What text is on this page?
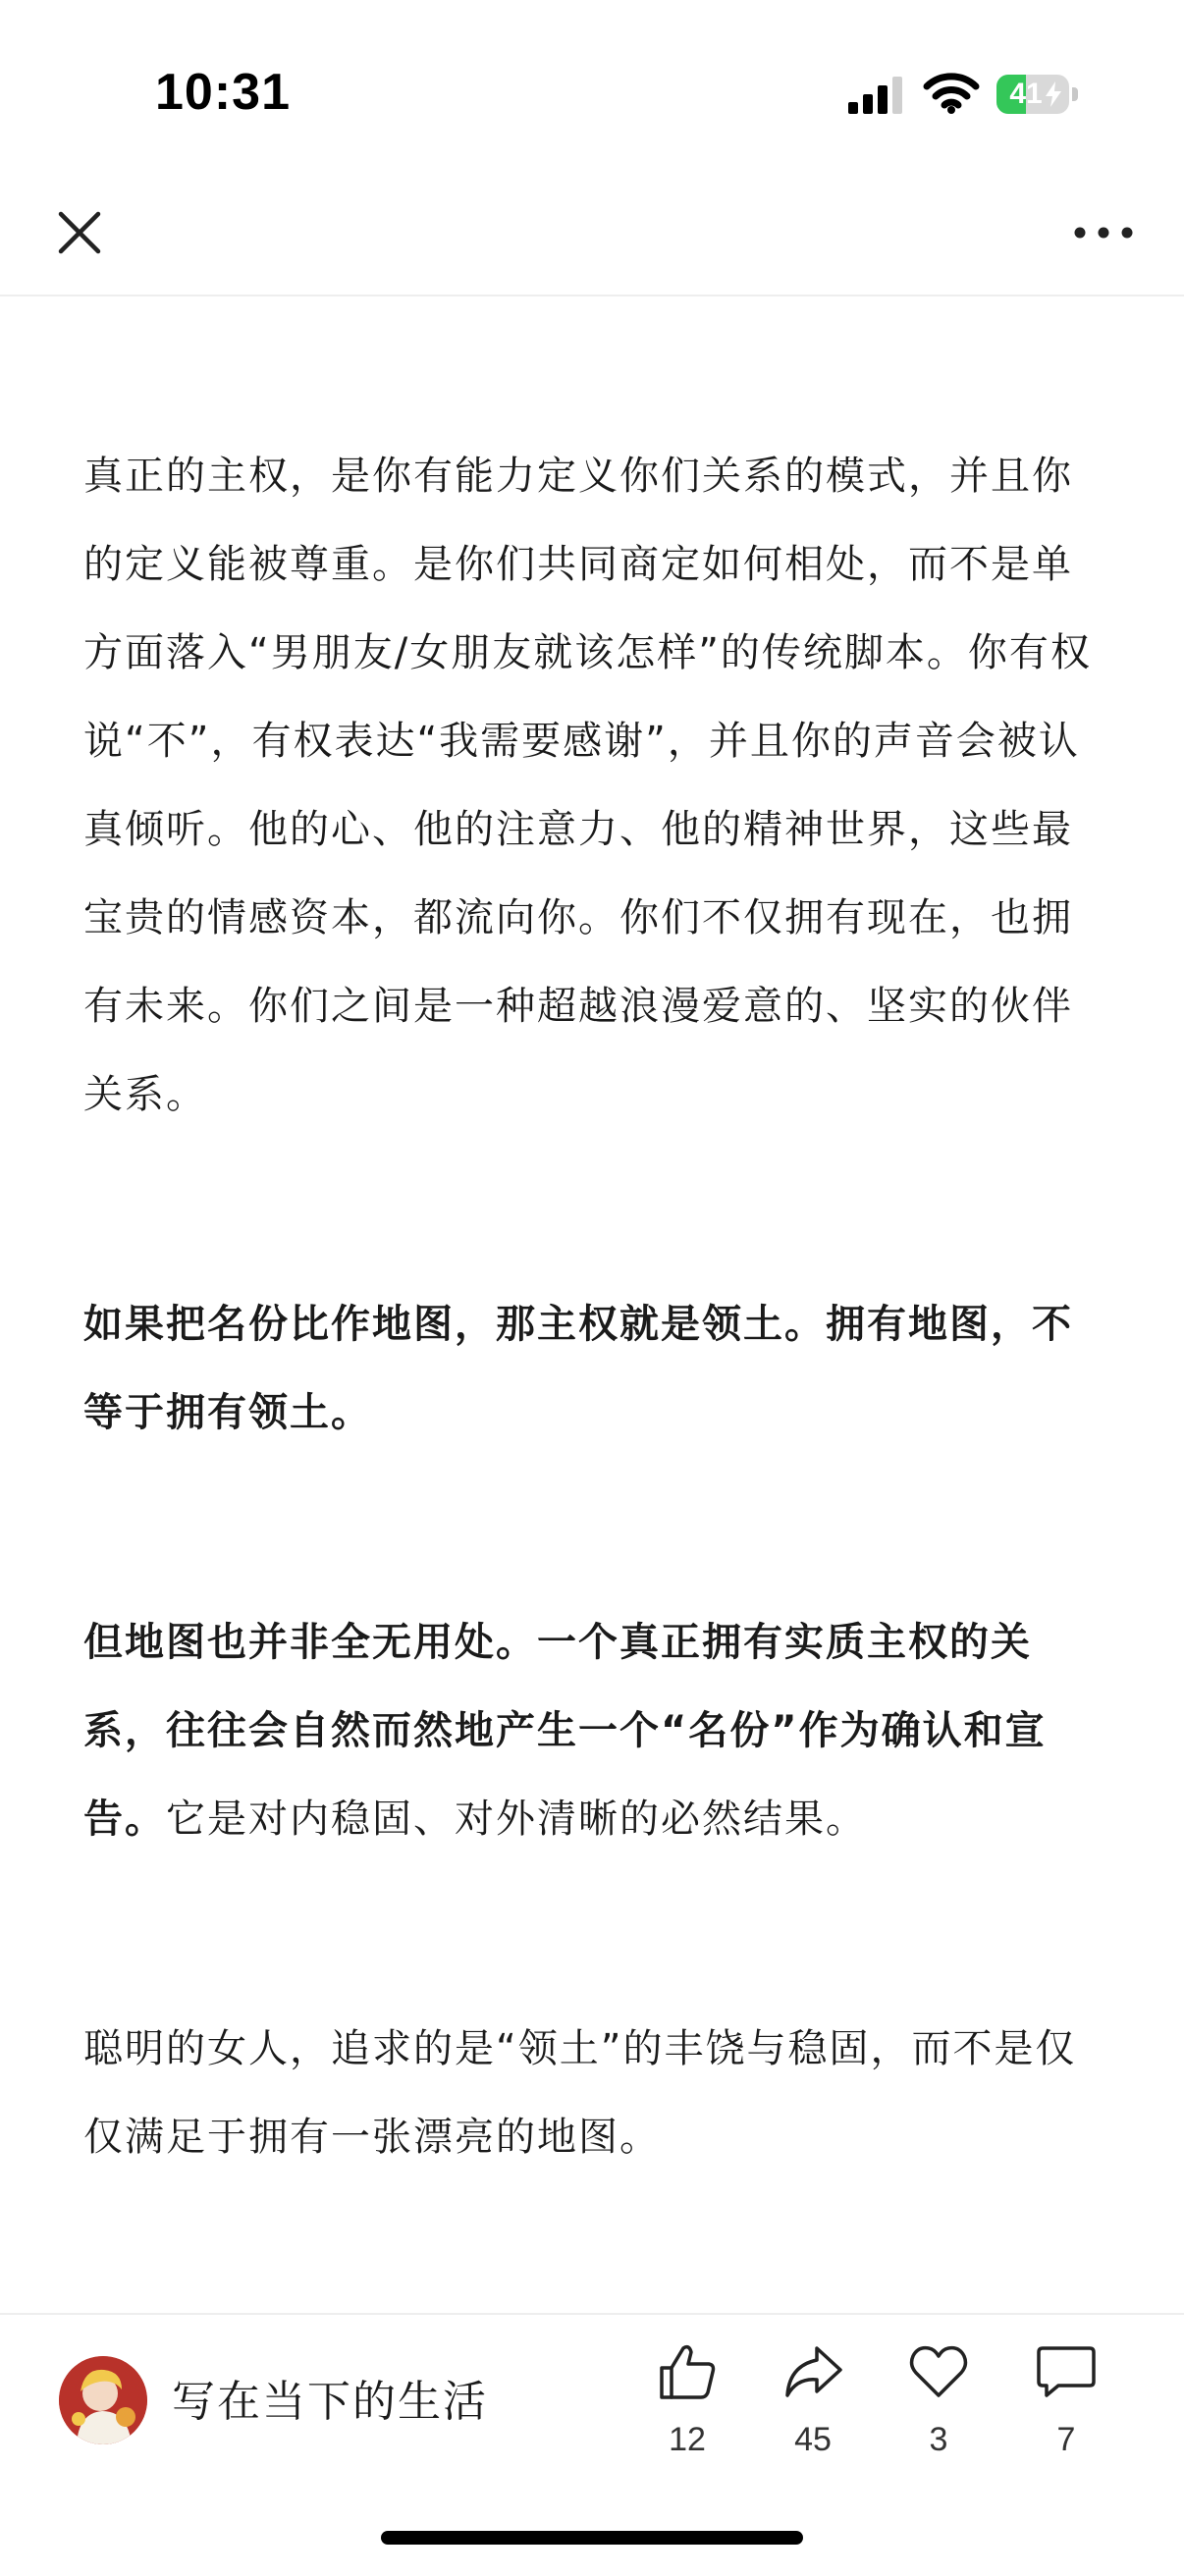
10:31	41

真正的主权，是你有能力定义你们关系的模式，并且你的定义能被尊重。是你们共同商定如何相处，而不是单方面落入“男朋友/女朋友就该怎样”的传统脚本。你有权说“不”，有权表达“我需要感谢”，并且你的声音会被认真倾听。他的心、他的注意力、他的精神世界，这些最宝贵的情感资本，都流向你。你们不仅拥有现在，也拥有未来。你们之间是一种超越浪漫爱意的、坚实的伙伴关系。

如果把名份比作地图，那主权就是领土。拥有地图，不等于拥有领土。

但地图也并非全无用处。一个真正拥有实质主权的关系，往往会自然而然地产生一个“名份”作为确认和宣告。它是对内稳固、对外清晰的必然结果。

聪明的女人，追求的是“领土”的丰饶与稳固，而不是仅仅满足于拥有一张漂亮的地图。

写在当下的生活
12	45	3	7
